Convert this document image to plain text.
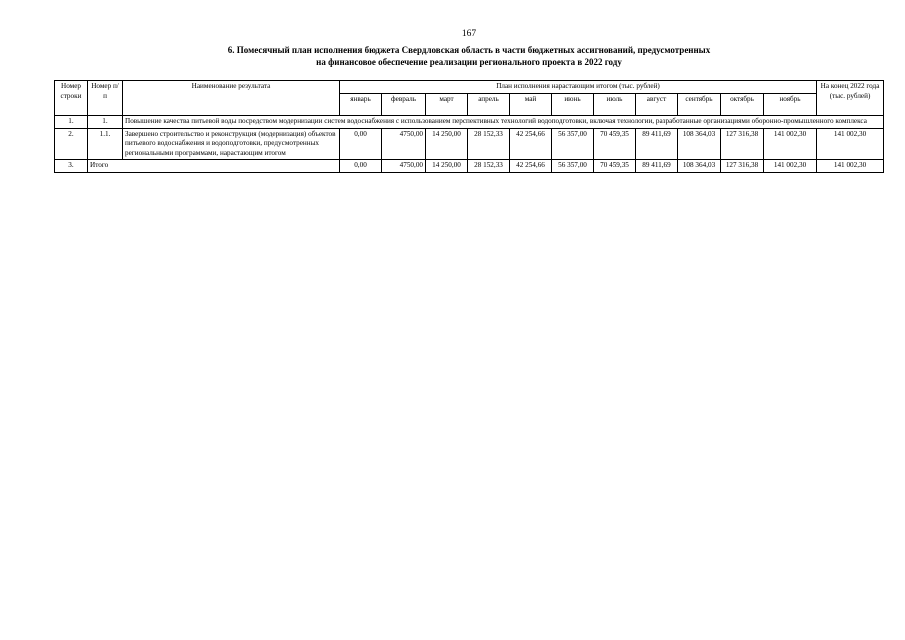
167
6. Помесячный план исполнения бюджета Свердловская область в части бюджетных ассигнований, предусмотренных
на финансовое обеспечение реализации регионального проекта в 2022 году
Номер строки	Номер п/п	Наименование результата	План исполнения нарастающим итогом (тыс. рублей)											На конец 2022 года (тыс. рублей)
			январь	февраль	март	апрель	май	июнь	июль	август	сентябрь	октябрь	ноябрь	
1.	1.	Повышение качества питьевой воды посредством модернизации систем водоснабжения с использованием перспективных технологий водоподготовки, включая технологии, разработанные организациями оборонно-промышленного комплекса												
2.	1.1.	Завершено строительство и реконструкция (модернизация) объектов питьевого водоснабжения и водоподготовки, предусмотренных региональными программами, нарастающим итогом	0,00	4750,00	14 250,00	28 152,33	42 254,66	56 357,00	70 459,35	89 411,69	108 364,03	127 316,38	141 002,30	141 002,30
3.	Итого		0,00	4750,00	14 250,00	28 152,33	42 254,66	56 357,00	70 459,35	89 411,69	108 364,03	127 316,38	141 002,30	141 002,30
